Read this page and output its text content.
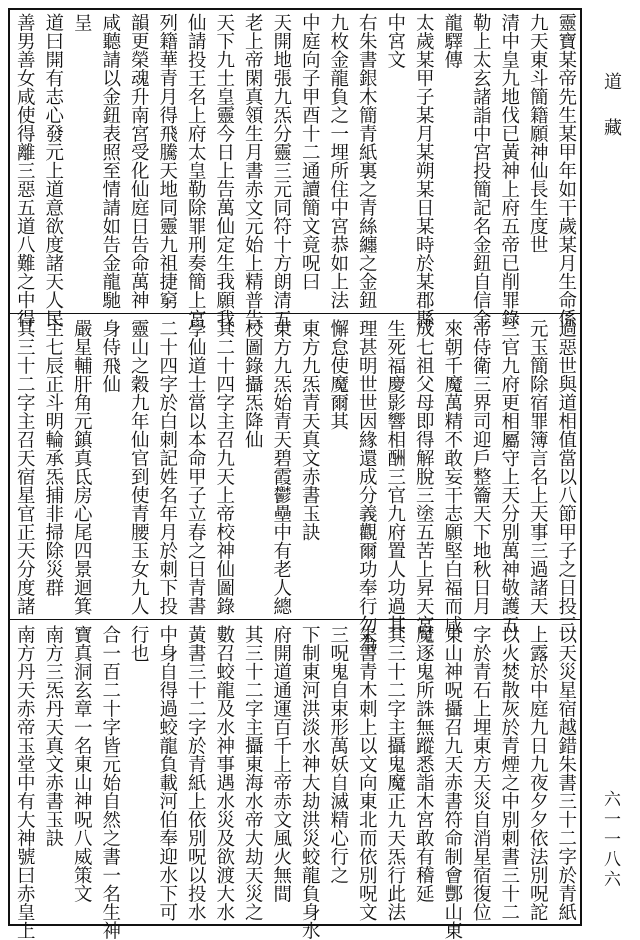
靈寶某帝先生某甲年如干歲某月生命係
九天東斗簡籍願神仙長生度世
清中皇九地伐已黃神上府五帝已削罪錄
勒上太玄諸詣中宮投簡記名金鈕自信金
龍驛傳
太歲某甲子某月某朔某日某時於某郡縣
中宮文
右朱書銀木簡青紙裏之青絲纏之金鈕
九枚金龍負之一埋所住中宮恭如上法
中庭向子甲酉十二通讀簡文竟呪曰
天開地張九炁分靈三元同符十方朗清五
老上帝閑真領生月書赤文元始上精普告
天下九土皇靈今日上告萬仙定生我願我
仙請投王名上府太皇勒除罪刑奏簡上宮
列籍華青月得飛騰天地同靈九祖捷窮
韻更榮魂升南宮受化仙庭日告命萬神
咸聽請以金鈕表照至情請如告金龍馳
呈
道曰開有志心發元上道意欲度諸天人民
善男善女咸使得離三惡五道八難之中得
過惡世與道相值當以八節甲子之日投三
元玉簡除宿罪簿言名上天事三過諸天
三官九府更相屬守上天分別萬神敬護五
帝侍衛三界司迎戶整籥天下地秋日月
來朝千魔萬精不敢妄干志願堅白福而咸
成七祖父母即得解脫三塗五苦上昇天宮
生死福慶影響相酬三官九府置人功過其
理甚明世世因緣還成分義觀爾功奉行勿為
懈怠使魔爾其
東方九炁青天真文赤書玉訣
東方九炁始青天碧霞鬱壘中有老人總
校圖錄攝炁降仙
其二十四字主召九天上帝校神仙圖錄
學仙道士當以本命甲子立春之日青書
二十四字於白刺記姓名年月於刺下投
靈山之穀九年仙官到使青腰玉女九人
身侍飛仙
嚴星輔肝角元鎮真氐房心尾四景迴箕
主七辰正斗明輪承炁捕非掃除災群
其三十二字主召天宿星官正天分度諸
以天災星宿越錯朱書三十二字於青紙
上露於中庭九日九夜夕夕依法別呪詑
以火焚散灰於青煙之中別刺書三十二
字於青石上埋東方天災自消星宿復位
東山神呪攝召九天赤書符命制會酆山東
魔逐鬼所誅無蹤悉詣木宮敢有稽延
其三十二字主攝鬼魔正九天炁行此法
朱書青木刺上以文向東北而依別呪文
三呪鬼自束形萬妖自滅精心行之
下制東河洪淡水神大劫洪災蛟龍負身水
府開道通運百千上帝赤文風火無間
其三十二字主攝東海水帝大劫天災之
數召蛟龍及水神事遇水災及欲渡大水
黃書三十二字於青紙上依別呪以投水
中身自得過蛟龍負載河伯奉迎水下可
行也
合一百二十字皆元始自然之書一名生神
寶真洞玄章一名東山神呪八威策文
南方三炁丹天真文赤書玉訣
南方丹天赤帝玉堂中有大神號曰赤皇上
道
藏
六一一八六
